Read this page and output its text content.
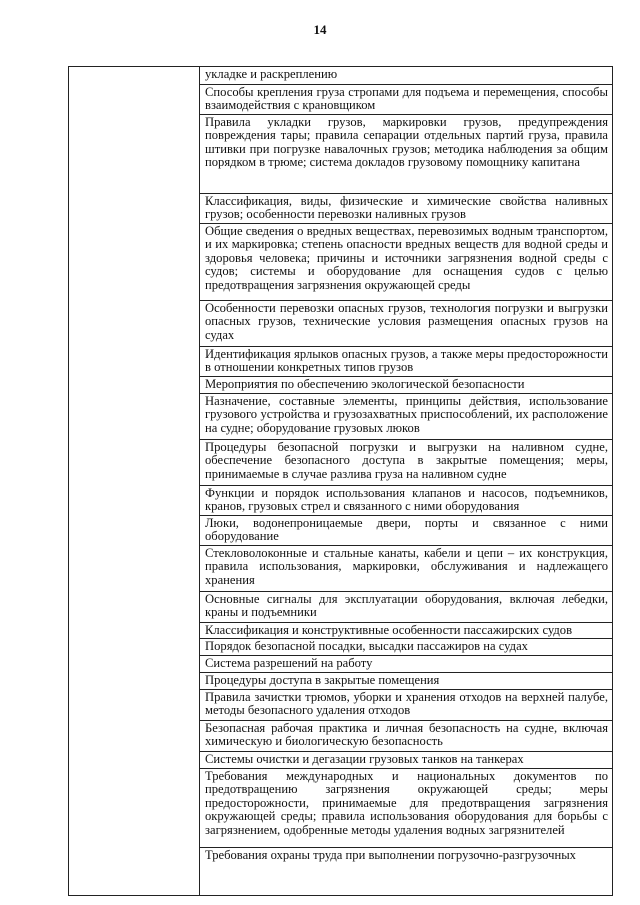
14
укладке и раскреплению
Способы крепления груза стропами для подъема и перемещения, способы взаимодействия с крановщиком
Правила укладки грузов, маркировки грузов, предупреждения повреждения тары; правила сепарации отдельных партий груза, правила штивки при погрузке навалочных грузов; методика наблюдения за общим порядком в трюме; система докладов грузовому помощнику капитана
Классификация, виды, физические и химические свойства наливных грузов; особенности перевозки наливных грузов
Общие сведения о вредных веществах, перевозимых водным транспортом, и их маркировка; степень опасности вредных веществ для водной среды и здоровья человека; причины и источники загрязнения водной среды с судов; системы и оборудование для оснащения судов с целью предотвращения загрязнения окружающей среды
Особенности перевозки опасных грузов, технология погрузки и выгрузки опасных грузов, технические условия размещения опасных грузов на судах
Идентификация ярлыков опасных грузов, а также меры предосторожности в отношении конкретных типов грузов
Мероприятия по обеспечению экологической безопасности
Назначение, составные элементы, принципы действия, использование грузового устройства и грузозахватных приспособлений, их расположение на судне; оборудование грузовых люков
Процедуры безопасной погрузки и выгрузки на наливном судне, обеспечение безопасного доступа в закрытые помещения; меры, принимаемые в случае разлива груза на наливном судне
Функции и порядок использования клапанов и насосов, подъемников, кранов, грузовых стрел и связанного с ними оборудования
Люки, водонепроницаемые двери, порты и связанное с ними оборудование
Стекловолоконные и стальные канаты, кабели и цепи – их конструкция, правила использования, маркировки, обслуживания и надлежащего хранения
Основные сигналы для эксплуатации оборудования, включая лебедки, краны и подъемники
Классификация и конструктивные особенности пассажирских судов
Порядок безопасной посадки, высадки пассажиров на судах
Система разрешений на работу
Процедуры доступа в закрытые помещения
Правила зачистки трюмов, уборки и хранения отходов на верхней палубе, методы безопасного удаления отходов
Безопасная рабочая практика и личная безопасность на судне, включая химическую и биологическую безопасность
Системы очистки и дегазации грузовых танков на танкерах
Требования международных и национальных документов по предотвращению загрязнения окружающей среды; меры предосторожности, принимаемые для предотвращения загрязнения окружающей среды; правила использования оборудования для борьбы с загрязнением, одобренные методы удаления водных загрязнителей
Требования охраны труда при выполнении погрузочно-разгрузочных
